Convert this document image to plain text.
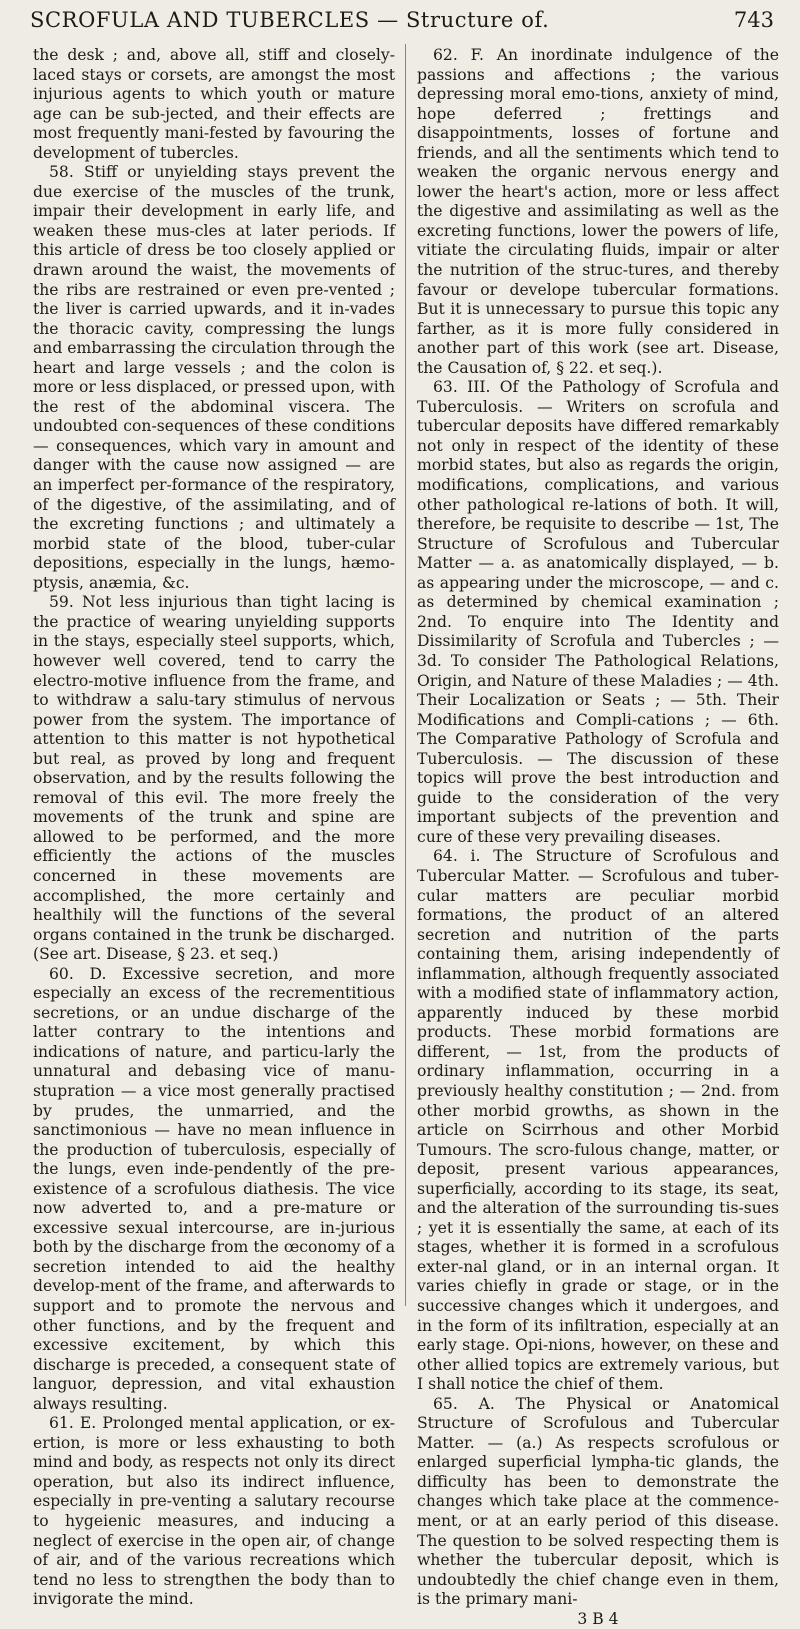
SCROFULA AND TUBERCLES — Structure of.	743

the desk ; and, above all, stiff and closely-laced stays or corsets, are amongst the most injurious agents to which youth or mature age can be sub-jected, and their effects are most frequently mani-fested by favouring the development of tubercles.

58. Stiff or unyielding stays prevent the due exercise of the muscles of the trunk, impair their development in early life, and weaken these mus-cles at later periods. If this article of dress be too closely applied or drawn around the waist, the movements of the ribs are restrained or even pre-vented ; the liver is carried upwards, and it in-vades the thoracic cavity, compressing the lungs and embarrassing the circulation through the heart and large vessels ; and the colon is more or less displaced, or pressed upon, with the rest of the abdominal viscera. The undoubted con-sequences of these conditions — consequences, which vary in amount and danger with the cause now assigned — are an imperfect per-formance of the respiratory, of the digestive, of the assimilating, and of the excreting functions ; and ultimately a morbid state of the blood, tuber-cular depositions, especially in the lungs, hæmo-ptysis, anæmia, &c.

59. Not less injurious than tight lacing is the practice of wearing unyielding supports in the stays, especially steel supports, which, however well covered, tend to carry the electro-motive influence from the frame, and to withdraw a salu-tary stimulus of nervous power from the system. The importance of attention to this matter is not hypothetical but real, as proved by long and frequent observation, and by the results following the removal of this evil. The more freely the movements of the trunk and spine are allowed to be performed, and the more efficiently the actions of the muscles concerned in these movements are accomplished, the more certainly and healthily will the functions of the several organs contained in the trunk be discharged. (See art. Disease, § 23. et seq.)

60. D. Excessive secretion, and more especially an excess of the recrementitious secretions, or an undue discharge of the latter contrary to the intentions and indications of nature, and particu-larly the unnatural and debasing vice of manu-stupration — a vice most generally practised by prudes, the unmarried, and the sanctimonious — have no mean influence in the production of tuberculosis, especially of the lungs, even inde-pendently of the pre-existence of a scrofulous diathesis. The vice now adverted to, and a pre-mature or excessive sexual intercourse, are in-jurious both by the discharge from the œconomy of a secretion intended to aid the healthy develop-ment of the frame, and afterwards to support and to promote the nervous and other functions, and by the frequent and excessive excitement, by which this discharge is preceded, a consequent state of languor, depression, and vital exhaustion always resulting.

61. E. Prolonged mental application, or ex-ertion, is more or less exhausting to both mind and body, as respects not only its direct operation, but also its indirect influence, especially in pre-venting a salutary recourse to hygeienic measures, and inducing a neglect of exercise in the open air, of change of air, and of the various recreations which tend no less to strengthen the body than to invigorate the mind.

62. F. An inordinate indulgence of the passions and affections ; the various depressing moral emo-tions, anxiety of mind, hope deferred ; frettings and disappointments, losses of fortune and friends, and all the sentiments which tend to weaken the organic nervous energy and lower the heart's action, more or less affect the digestive and assimilating as well as the excreting functions, lower the powers of life, vitiate the circulating fluids, impair or alter the nutrition of the struc-tures, and thereby favour or develope tubercular formations. But it is unnecessary to pursue this topic any farther, as it is more fully considered in another part of this work (see art. Disease, the Causation of, § 22. et seq.).

63. III. Of the Pathology of Scrofula and Tuberculosis. — Writers on scrofula and tubercular deposits have differed remarkably not only in respect of the identity of these morbid states, but also as regards the origin, modifications, complications, and various other pathological re-lations of both. It will, therefore, be requisite to describe — 1st, The Structure of Scrofulous and Tubercular Matter — a. as anatomically displayed, — b. as appearing under the microscope, — and c. as determined by chemical examination ; 2nd. To enquire into The Identity and Dissimilarity of Scrofula and Tubercles ; — 3d. To consider The Pathological Relations, Origin, and Nature of these Maladies ; — 4th. Their Localization or Seats ; — 5th. Their Modifications and Compli-cations ; — 6th. The Comparative Pathology of Scrofula and Tuberculosis. — The discussion of these topics will prove the best introduction and guide to the consideration of the very important subjects of the prevention and cure of these very prevailing diseases.

64. i. The Structure of Scrofulous and Tubercular Matter. — Scrofulous and tuber-cular matters are peculiar morbid formations, the product of an altered secretion and nutrition of the parts containing them, arising independently of inflammation, although frequently associated with a modified state of inflammatory action, apparently induced by these morbid products. These morbid formations are different, — 1st, from the products of ordinary inflammation, occurring in a previously healthy constitution ; — 2nd. from other morbid growths, as shown in the article on Scirrhous and other Morbid Tumours. The scro-fulous change, matter, or deposit, present various appearances, superficially, according to its stage, its seat, and the alteration of the surrounding tis-sues ; yet it is essentially the same, at each of its stages, whether it is formed in a scrofulous exter-nal gland, or in an internal organ. It varies chiefly in grade or stage, or in the successive changes which it undergoes, and in the form of its infiltration, especially at an early stage. Opi-nions, however, on these and other allied topics are extremely various, but I shall notice the chief of them.

65. A. The Physical or Anatomical Structure of Scrofulous and Tubercular Matter. — (a.) As respects scrofulous or enlarged superficial lympha-tic glands, the difficulty has been to demonstrate the changes which take place at the commence-ment, or at an early period of this disease. The question to be solved respecting them is whether the tubercular deposit, which is undoubtedly the chief change even in them, is the primary mani-

3 B 4
